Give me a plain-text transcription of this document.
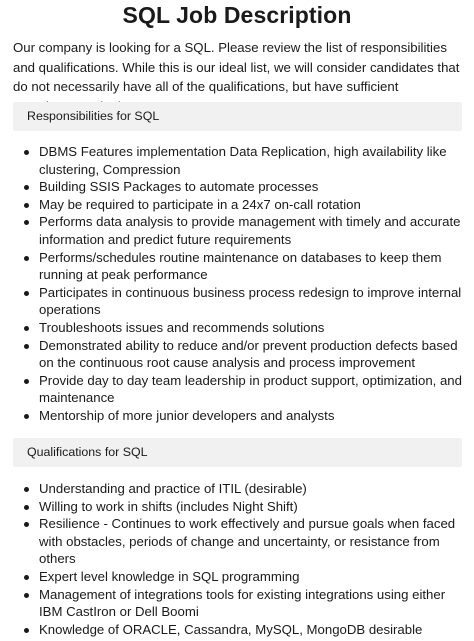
SQL Job Description
Our company is looking for a SQL. Please review the list of responsibilities and qualifications. While this is our ideal list, we will consider candidates that do not necessarily have all of the qualifications, but have sufficient
Responsibilities for SQL
DBMS Features implementation Data Replication, high availability like clustering, Compression
Building SSIS Packages to automate processes
May be required to participate in a 24x7 on-call rotation
Performs data analysis to provide management with timely and accurate information and predict future requirements
Performs/schedules routine maintenance on databases to keep them running at peak performance
Participates in continuous business process redesign to improve internal operations
Troubleshoots issues and recommends solutions
Demonstrated ability to reduce and/or prevent production defects based on the continuous root cause analysis and process improvement
Provide day to day team leadership in product support, optimization, and maintenance
Mentorship of more junior developers and analysts
Qualifications for SQL
Understanding and practice of ITIL (desirable)
Willing to work in shifts (includes Night Shift)
Resilience - Continues to work effectively and pursue goals when faced with obstacles, periods of change and uncertainty, or resistance from others
Expert level knowledge in SQL programming
Management of integrations tools for existing integrations using either IBM CastIron or Dell Boomi
Knowledge of ORACLE, Cassandra, MySQL, MongoDB desirable
